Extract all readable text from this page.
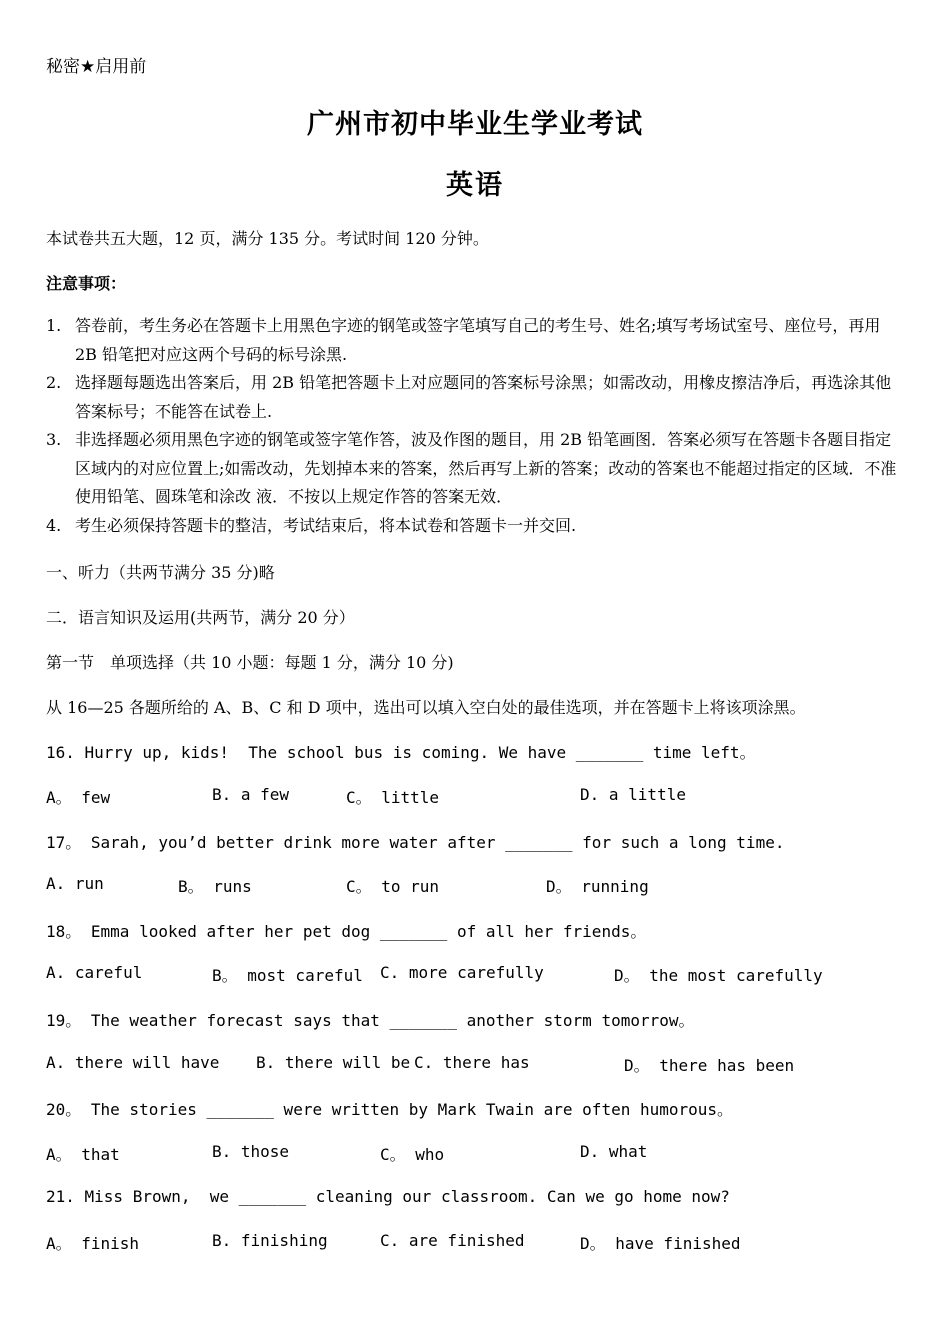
秘密★启用前
广州市初中毕业生学业考试
英语
本试卷共五大题，12 页，满分 135 分。考试时间 120 分钟。
注意事项：
1. 答卷前，考生务必在答题卡上用黑色字迹的钢笔或签字笔填写自己的考生号、姓名;填写考场试室号、座位号，再用 2B 铅笔把对应这两个号码的标号涂黑.
2. 选择题每题选出答案后，用 2B 铅笔把答题卡上对应题同的答案标号涂黑；如需改动，用橡皮擦洁净后，再选涂其他答案标号；不能答在试卷上.
3. 非选择题必须用黑色字迹的钢笔或签字笔作答，波及作图的题目，用 2B 铅笔画图．答案必须写在答题卡各题目指定区域内的对应位置上;如需改动，先划掉本来的答案，然后再写上新的答案；改动的答案也不能超过指定的区域．不准使用铅笔、圆珠笔和涂改 液．不按以上规定作答的答案无效．
4. 考生必须保持答题卡的整洁，考试结束后，将本试卷和答题卡一并交回.
一、听力（共两节满分 35 分)略
二．语言知识及运用(共两节，满分 20 分）
第一节　单项选择（共 10 小题：每题 1 分，满分 10 分)
从 16—25 各题所给的 A、B、C 和 D 项中，选出可以填入空白处的最佳选项，并在答题卡上将该项涂黑。
16. Hurry up, kids!  The school bus is coming. We have _______ time left。
A。 few	B. a few	C。 little	D. a little
17。 Sarah, you’d better drink more water after _______ for such a long time.
A. run	B。 runs	C。 to run	D。 running
18。 Emma looked after her pet dog _______ of all her friends。
A. careful	B。 most careful C. more carefully	D。 the most carefully
19。 The weather forecast says that _______ another storm tomorrow。
A. there will have B. there will be C. there has	D。 there has been
20。 The stories _______ were written by Mark Twain are often humorous。
A。 that	B. those	C。 who	D. what
21. Miss Brown,  we _______ cleaning our classroom. Can we go home now?
A。 finish	B. finishing	C. are finished	D。 have finished
